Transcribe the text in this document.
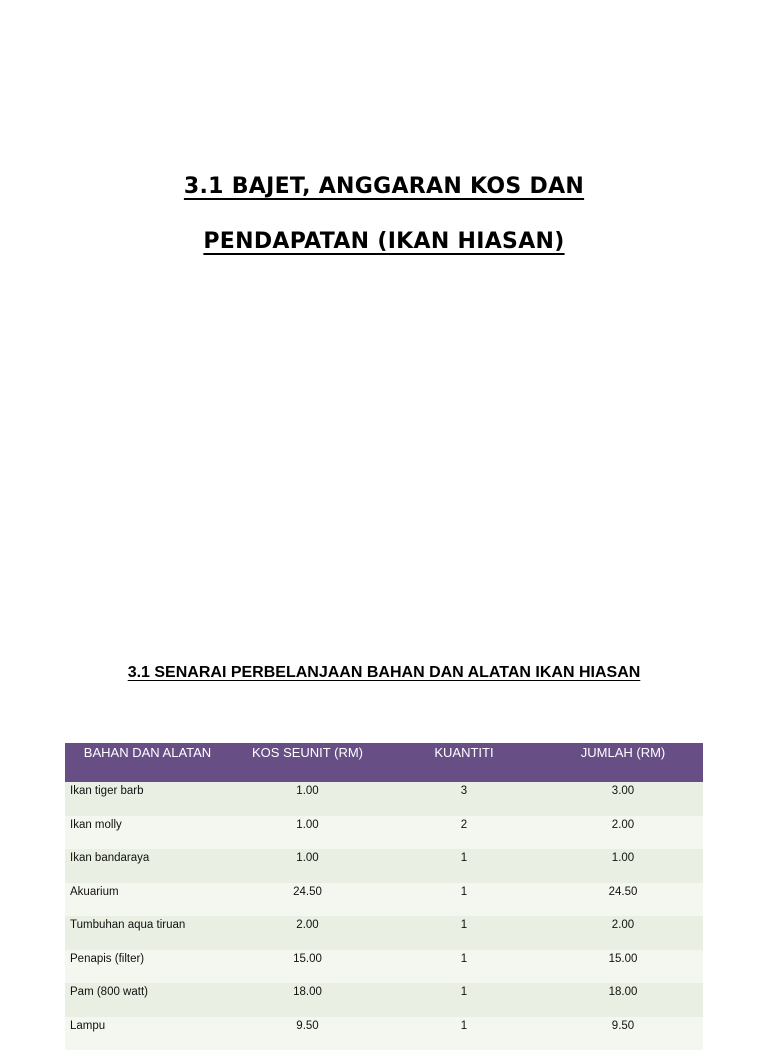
3.1 BAJET, ANGGARAN KOS DAN
PENDAPATAN (IKAN HIASAN)
3.1 SENARAI PERBELANJAAN BAHAN DAN ALATAN IKAN HIASAN
BAHAN DAN ALATAN	KOS SEUNIT (RM)	KUANTITI	JUMLAH (RM)
Ikan tiger barb	1.00	3	3.00
Ikan molly	1.00	2	2.00
Ikan bandaraya	1.00	1	1.00
Akuarium	24.50	1	24.50
Tumbuhan aqua tiruan	2.00	1	2.00
Penapis (filter)	15.00	1	15.00
Pam (800 watt)	18.00	1	18.00
Lampu	9.50	1	9.50
